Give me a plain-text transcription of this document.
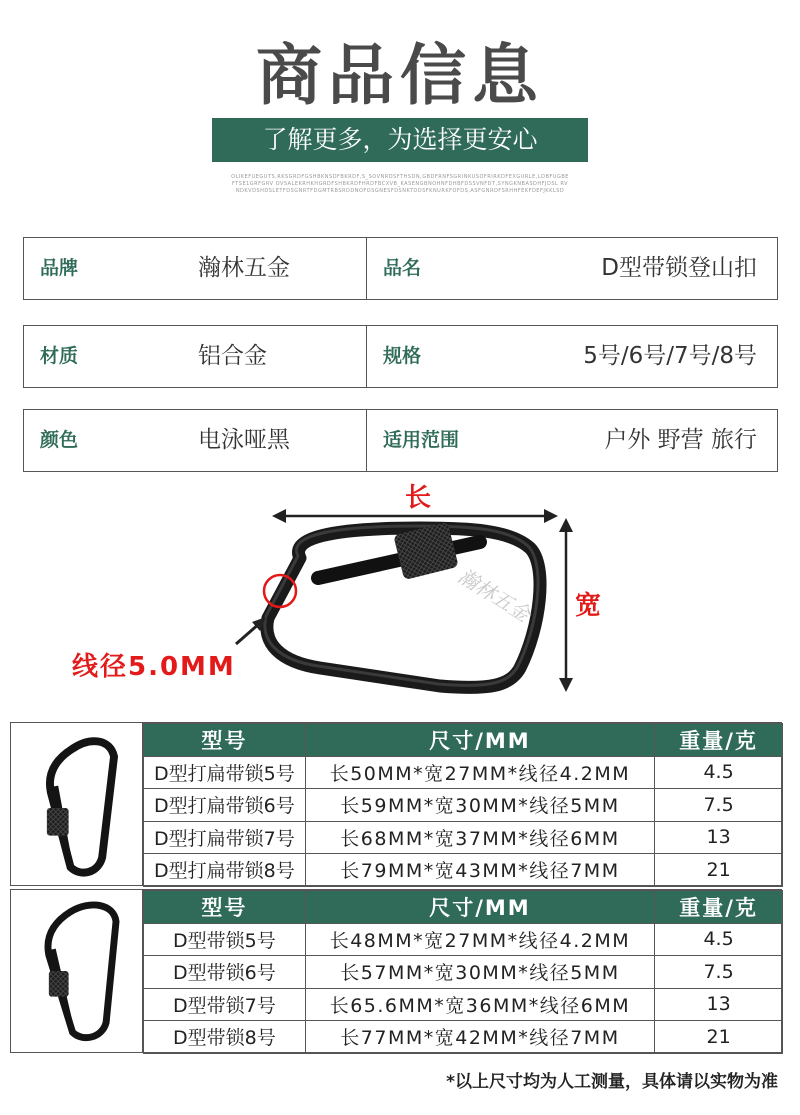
商品信息
了解更多，为选择更安心
OLIKEFUEGUTS,RKSGRDFGSHBKNSDFBKRDF,S_SOVNRDSFTHSDN,GBDFRNFSGRINKUSOFRIRKDFEXGURLE,LDBFUGBEFTSE1GRFGRV OVSALEKRHKHGRDFSHBKRDFHRDFBCXVB_KASENGBNOHNFDHBFDSSVNFDT,SYNGKNBASDHFJDSL RVNDKVDSHDSLETFDSGNRTFDGMTRBSRDDNOFOSGNESFDSNKTDDSFKNURKFOFDS,ASFGNRDFSRHHFEKFDEFJKKLSD
品牌	瀚林五金	品名	D型带锁登山扣
材质	铝合金	规格	5号/6号/7号/8号
颜色	电泳哑黑	适用范围	户外 野营 旅行
长
宽
线径5.0MM
瀚林五金
型号	尺寸/MM	重量/克
D型打扁带锁5号	长50MM*宽27MM*线径4.2MM	4.5
D型打扁带锁6号	长59MM*宽30MM*线径5MM	7.5
D型打扁带锁7号	长68MM*宽37MM*线径6MM	13
D型打扁带锁8号	长79MM*宽43MM*线径7MM	21
型号	尺寸/MM	重量/克
D型带锁5号	长48MM*宽27MM*线径4.2MM	4.5
D型带锁6号	长57MM*宽30MM*线径5MM	7.5
D型带锁7号	长65.6MM*宽36MM*线径6MM	13
D型带锁8号	长77MM*宽42MM*线径7MM	21
*以上尺寸均为人工测量，具体请以实物为准
